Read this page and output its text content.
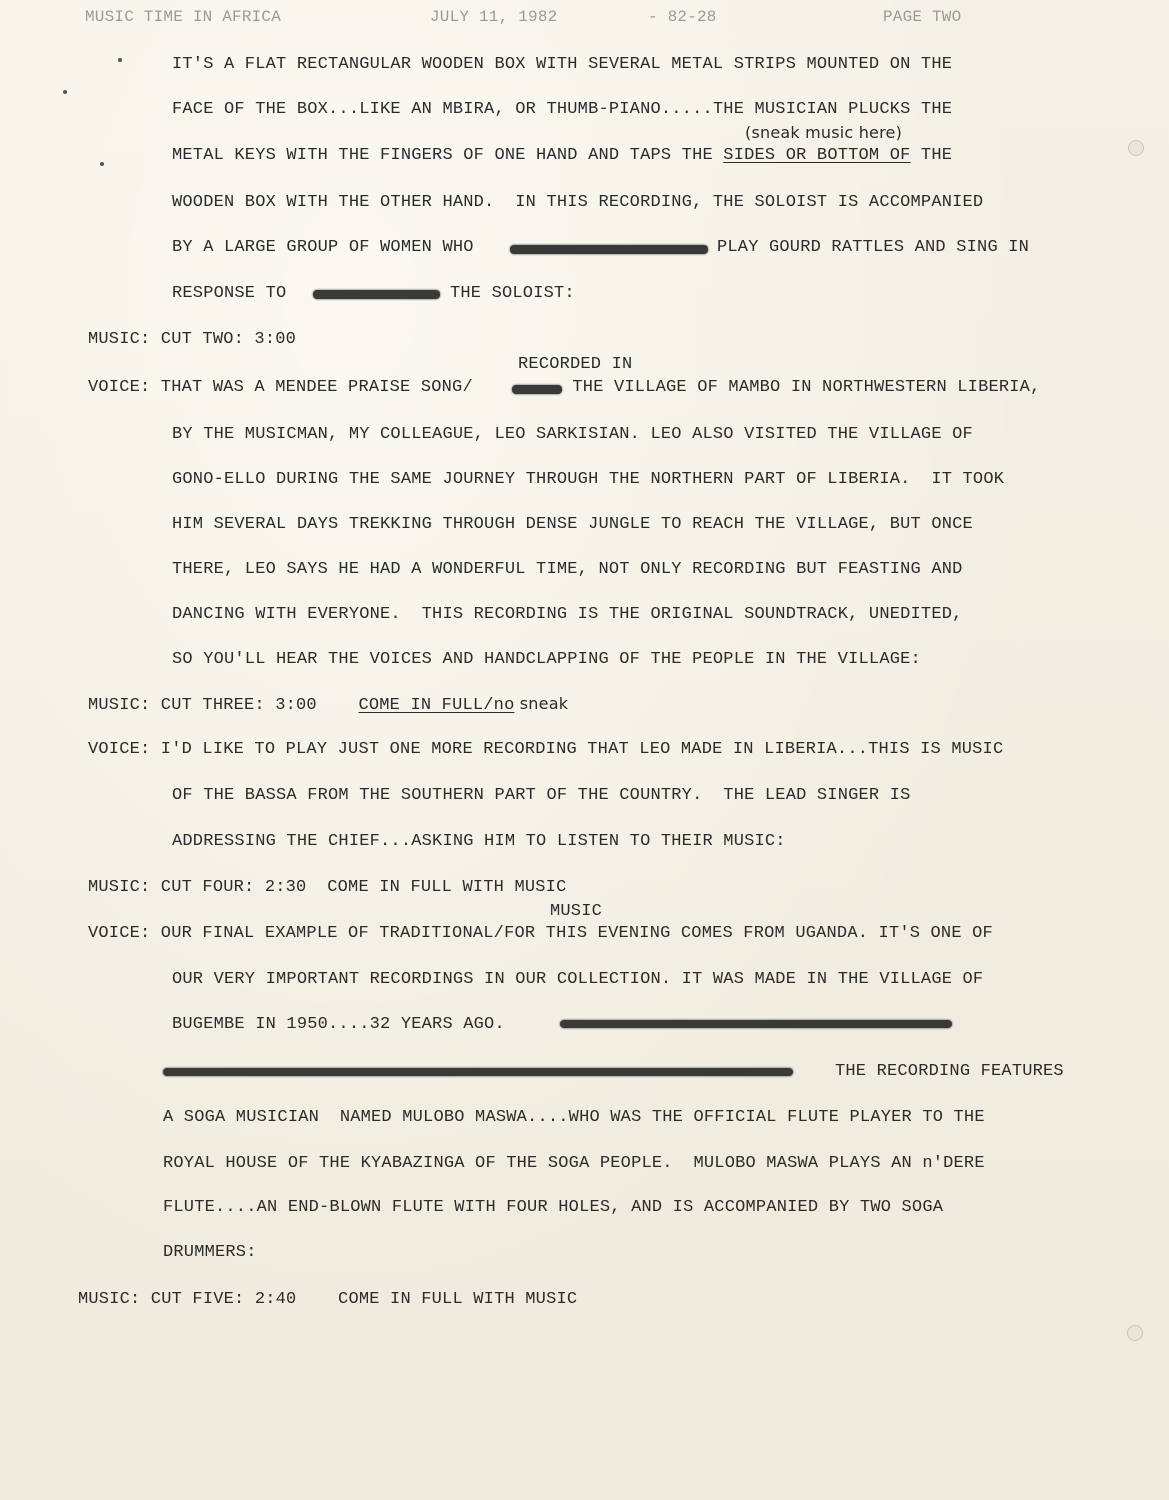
MUSIC TIME IN AFRICA	JULY 11, 1982	- 82-28	PAGE TWO
IT'S A FLAT RECTANGULAR WOODEN BOX WITH SEVERAL METAL STRIPS MOUNTED ON THE
FACE OF THE BOX...LIKE AN MBIRA, OR THUMB-PIANO.....THE MUSICIAN PLUCKS THE
(sneak music here)
METAL KEYS WITH THE FINGERS OF ONE HAND AND TAPS THE SIDES OR BOTTOM OF THE
WOODEN BOX WITH THE OTHER HAND.  IN THIS RECORDING, THE SOLOIST IS ACCOMPANIED
BY A LARGE GROUP OF WOMEN WHO	PLAY GOURD RATTLES AND SING IN
RESPONSE TO	THE SOLOIST:
MUSIC: CUT TWO: 3:00
RECORDED IN
VOICE: THAT WAS A MENDEE PRAISE SONG/	THE VILLAGE OF MAMBO IN NORTHWESTERN LIBERIA,
BY THE MUSICMAN, MY COLLEAGUE, LEO SARKISIAN. LEO ALSO VISITED THE VILLAGE OF
GONO-ELLO DURING THE SAME JOURNEY THROUGH THE NORTHERN PART OF LIBERIA.  IT TOOK
HIM SEVERAL DAYS TREKKING THROUGH DENSE JUNGLE TO REACH THE VILLAGE, BUT ONCE
THERE, LEO SAYS HE HAD A WONDERFUL TIME, NOT ONLY RECORDING BUT FEASTING AND
DANCING WITH EVERYONE.  THIS RECORDING IS THE ORIGINAL SOUNDTRACK, UNEDITED,
SO YOU'LL HEAR THE VOICES AND HANDCLAPPING OF THE PEOPLE IN THE VILLAGE:
MUSIC: CUT THREE: 3:00    COME IN FULL/no sneak
VOICE: I'D LIKE TO PLAY JUST ONE MORE RECORDING THAT LEO MADE IN LIBERIA...THIS IS MUSIC
OF THE BASSA FROM THE SOUTHERN PART OF THE COUNTRY.  THE LEAD SINGER IS
ADDRESSING THE CHIEF...ASKING HIM TO LISTEN TO THEIR MUSIC:
MUSIC: CUT FOUR: 2:30  COME IN FULL WITH MUSIC
MUSIC
VOICE: OUR FINAL EXAMPLE OF TRADITIONAL/FOR THIS EVENING COMES FROM UGANDA. IT'S ONE OF
OUR VERY IMPORTANT RECORDINGS IN OUR COLLECTION. IT WAS MADE IN THE VILLAGE OF
BUGEMBE IN 1950....32 YEARS AGO.
THE RECORDING FEATURES
A SOGA MUSICIAN  NAMED MULOBO MASWA....WHO WAS THE OFFICIAL FLUTE PLAYER TO THE
ROYAL HOUSE OF THE KYABAZINGA OF THE SOGA PEOPLE.  MULOBO MASWA PLAYS AN n'DERE
FLUTE....AN END-BLOWN FLUTE WITH FOUR HOLES, AND IS ACCOMPANIED BY TWO SOGA
DRUMMERS:
MUSIC: CUT FIVE: 2:40    COME IN FULL WITH MUSIC
